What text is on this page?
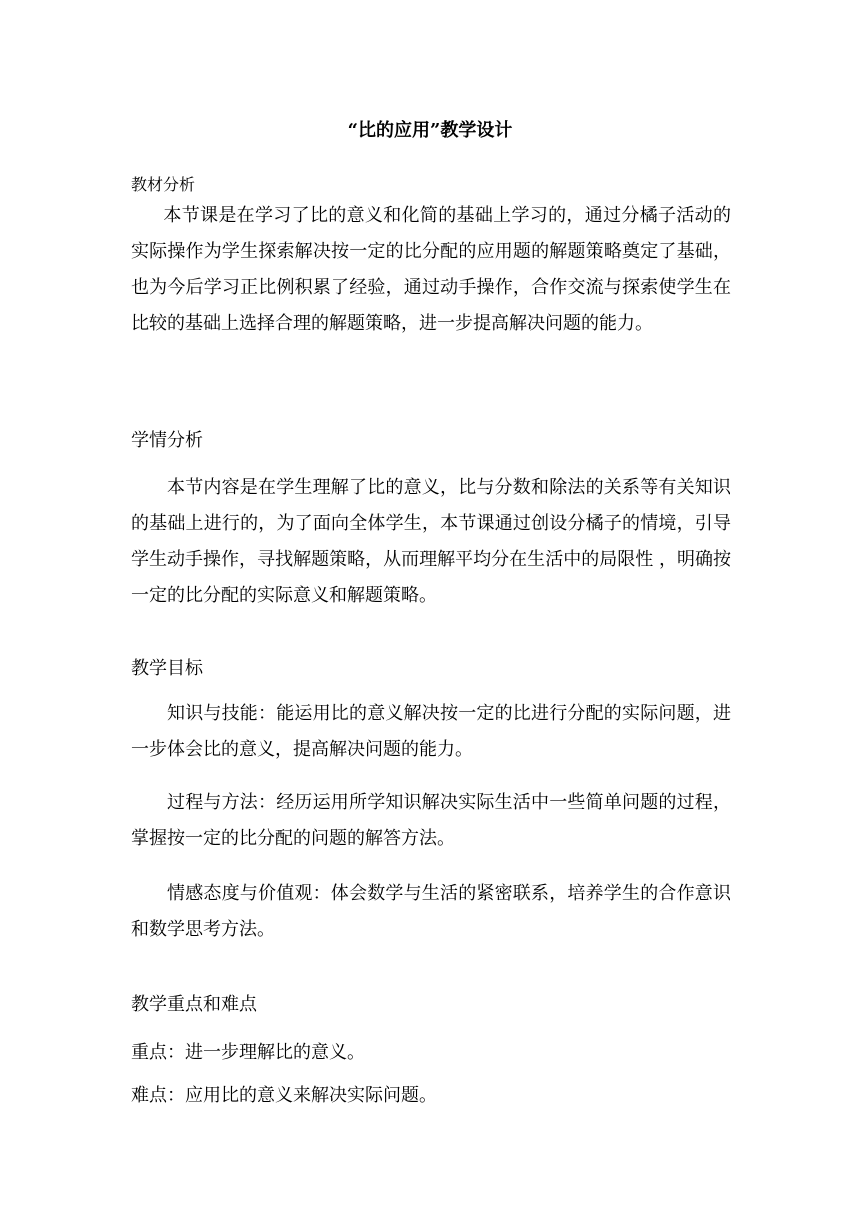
“比的应用”教学设计
教材分析
本节课是在学习了比的意义和化简的基础上学习的，通过分橘子活动的实际操作为学生探索解决按一定的比分配的应用题的解题策略奠定了基础，也为今后学习正比例积累了经验，通过动手操作，合作交流与探索使学生在比较的基础上选择合理的解题策略，进一步提高解决问题的能力。
学情分析
本节内容是在学生理解了比的意义，比与分数和除法的关系等有关知识的基础上进行的，为了面向全体学生，本节课通过创设分橘子的情境，引导学生动手操作，寻找解题策略，从而理解平均分在生活中的局限性 ，明确按一定的比分配的实际意义和解题策略。
教学目标
知识与技能：能运用比的意义解决按一定的比进行分配的实际问题，进一步体会比的意义，提高解决问题的能力。
过程与方法：经历运用所学知识解决实际生活中一些简单问题的过程，掌握按一定的比分配的问题的解答方法。
情感态度与价值观：体会数学与生活的紧密联系，培养学生的合作意识和数学思考方法。
教学重点和难点
重点：进一步理解比的意义。
难点：应用比的意义来解决实际问题。
